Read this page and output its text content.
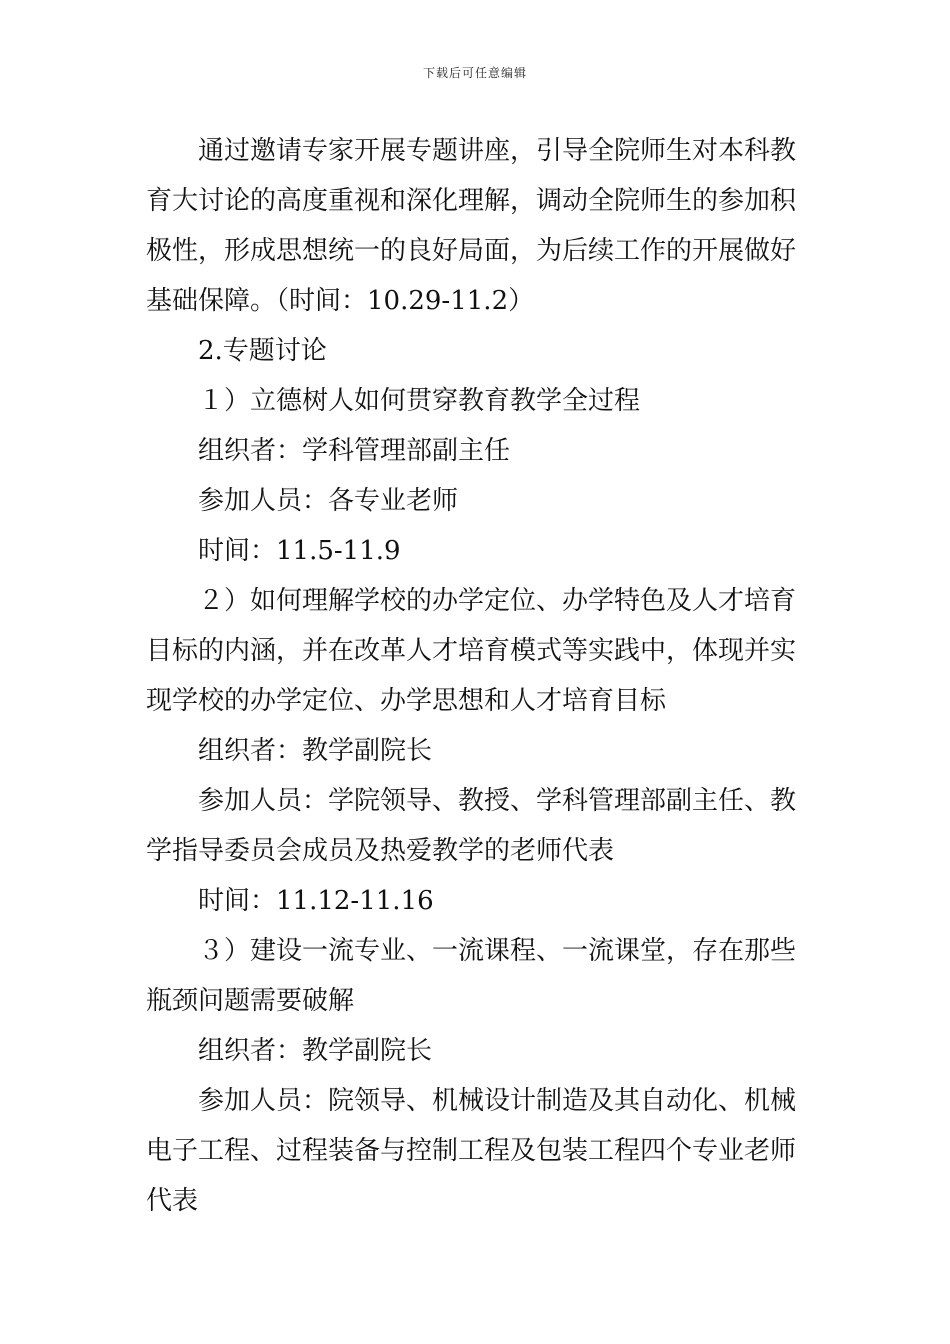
下载后可任意编辑

通过邀请专家开展专题讲座，引导全院师生对本科教

育大讨论的高度重视和深化理解，调动全院师生的参加积

极性，形成思想统一的良好局面，为后续工作的开展做好

基础保障。（时间：10.29-11.2）

2.专题讨论

１）立德树人如何贯穿教育教学全过程

组织者：学科管理部副主任

参加人员：各专业老师

时间：11.5-11.9

２）如何理解学校的办学定位、办学特色及人才培育

目标的内涵，并在改革人才培育模式等实践中，体现并实

现学校的办学定位、办学思想和人才培育目标

组织者：教学副院长

参加人员：学院领导、教授、学科管理部副主任、教

学指导委员会成员及热爱教学的老师代表

时间：11.12-11.16

３）建设一流专业、一流课程、一流课堂，存在那些

瓶颈问题需要破解

组织者：教学副院长

参加人员：院领导、机械设计制造及其自动化、机械

电子工程、过程装备与控制工程及包装工程四个专业老师

代表
